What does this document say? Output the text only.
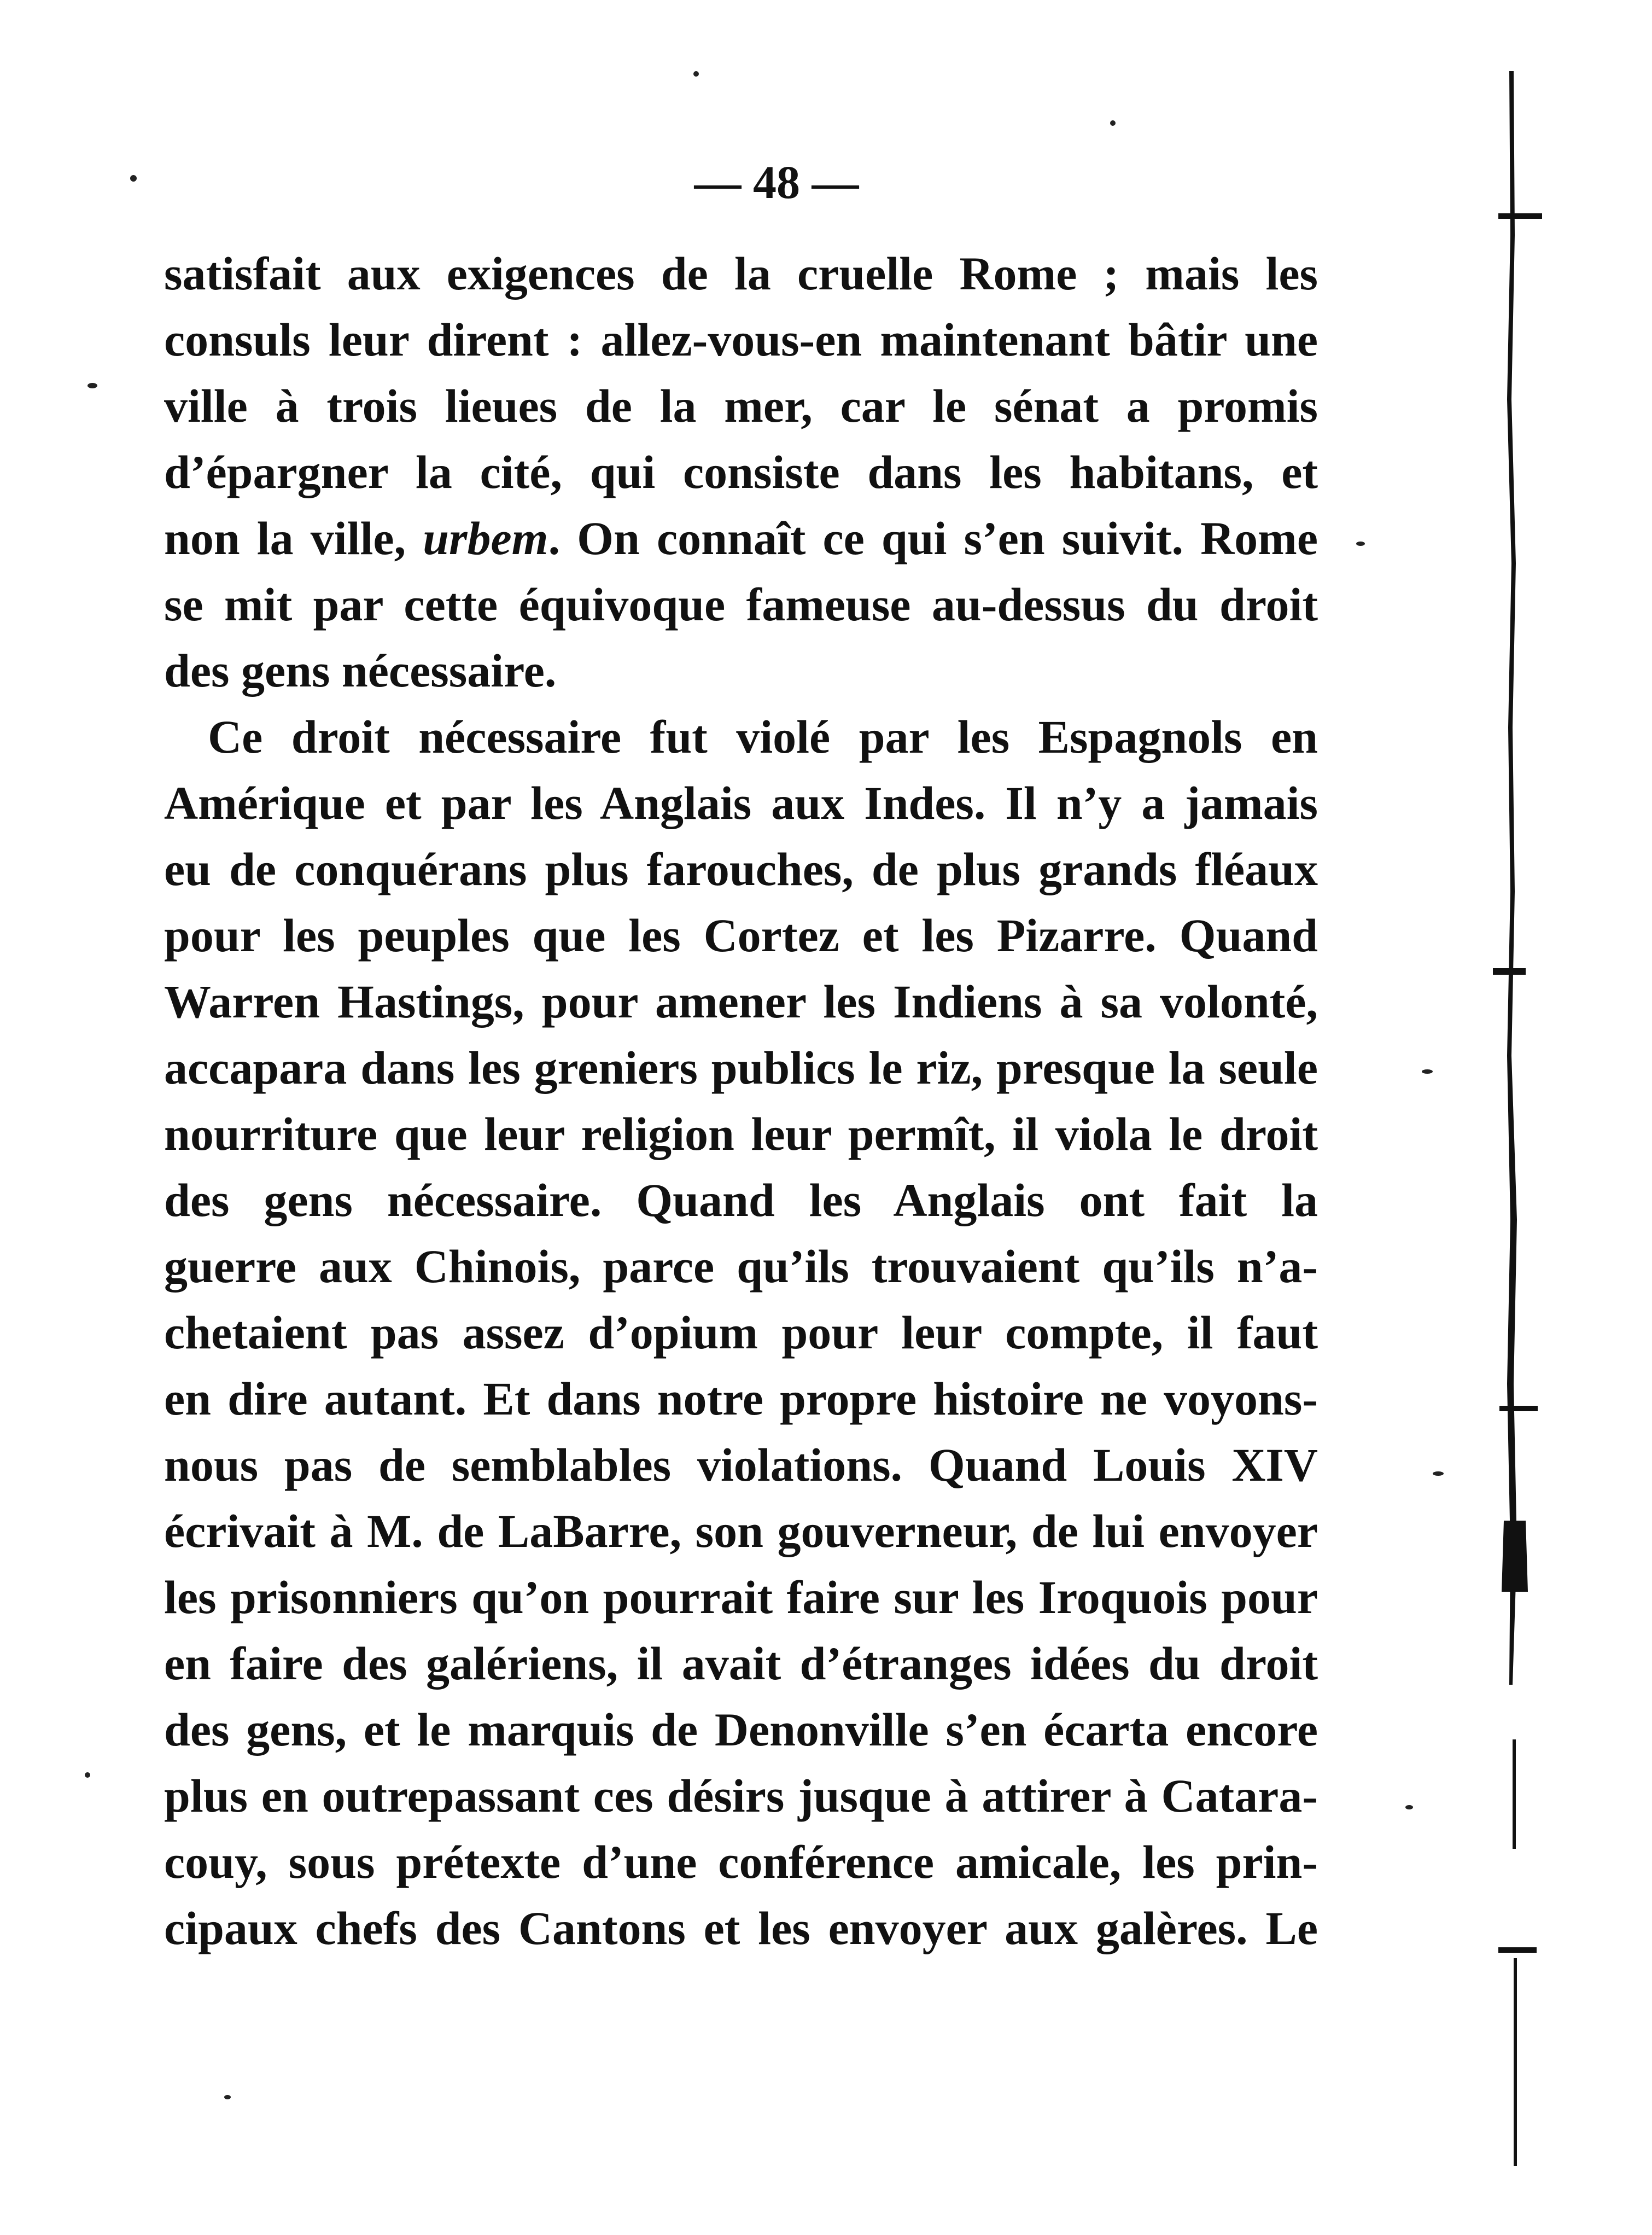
— 48 —
satisfait aux exigences de la cruelle Rome ; mais les
consuls leur dirent : allez-vous-en maintenant bâtir une
ville à trois lieues de la mer, car le sénat a promis
d’épargner la cité, qui consiste dans les habitans, et
non la ville, urbem. On connaît ce qui s’en suivit. Rome
se mit par cette équivoque fameuse au-dessus du droit
des gens nécessaire.
Ce droit nécessaire fut violé par les Espagnols en
Amérique et par les Anglais aux Indes. Il n’y a jamais
eu de conquérans plus farouches, de plus grands fléaux
pour les peuples que les Cortez et les Pizarre. Quand
Warren Hastings, pour amener les Indiens à sa volonté,
accapara dans les greniers publics le riz, presque la seule
nourriture que leur religion leur permît, il viola le droit
des gens nécessaire. Quand les Anglais ont fait la
guerre aux Chinois, parce qu’ils trouvaient qu’ils n’a-
chetaient pas assez d’opium pour leur compte, il faut
en dire autant. Et dans notre propre histoire ne voyons-
nous pas de semblables violations. Quand Louis XIV
écrivait à M. de LaBarre, son gouverneur, de lui envoyer
les prisonniers qu’on pourrait faire sur les Iroquois pour
en faire des galériens, il avait d’étranges idées du droit
des gens, et le marquis de Denonville s’en écarta encore
plus en outrepassant ces désirs jusque à attirer à Catara-
couy, sous prétexte d’une conférence amicale, les prin-
cipaux chefs des Cantons et les envoyer aux galères. Le
